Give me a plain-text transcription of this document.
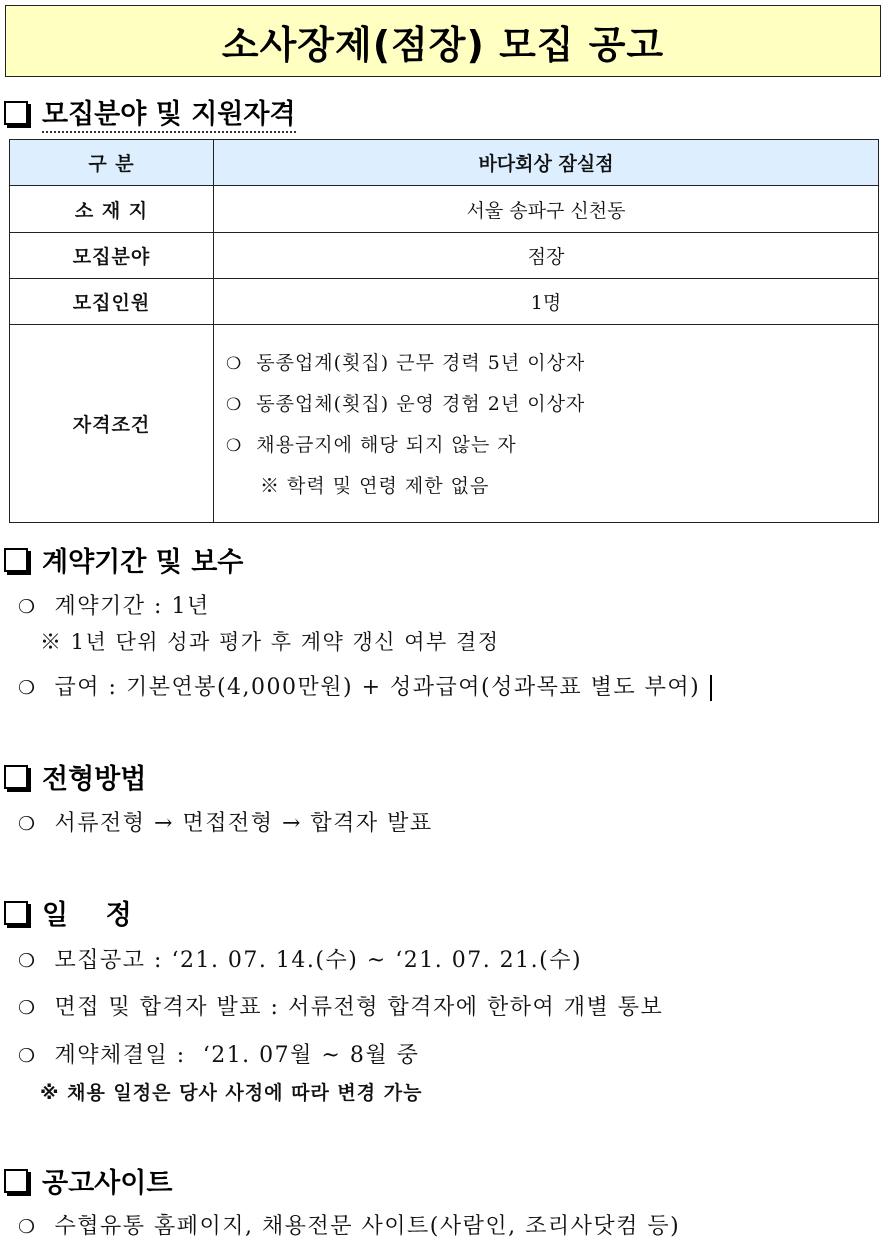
소사장제(점장) 모집 공고
모집분야 및 지원자격
구 분	바다회상 잠실점
소 재 지	서울 송파구 신천동
모집분야	점장
모집인원	1명
자격조건	❍ 동종업계(횟집) 근무 경력 5년 이상자
❍ 동종업체(횟집) 운영 경험 2년 이상자
❍ 채용금지에 해당 되지 않는 자
※ 학력 및 연령 제한 없음
계약기간 및 보수
❍ 계약기간 : 1년
※ 1년 단위 성과 평가 후 계약 갱신 여부 결정
❍ 급여 : 기본연봉(4,000만원) + 성과급여(성과목표 별도 부여)
전형방법
❍ 서류전형 → 면접전형 → 합격자 발표
일    정
❍ 모집공고 : ‘21. 07. 14.(수) ~ ‘21. 07. 21.(수)
❍ 면접 및 합격자 발표 : 서류전형 합격자에 한하여 개별 통보
❍ 계약체결일 :  ‘21. 07월 ~ 8월 중
※ 채용 일정은 당사 사정에 따라 변경 가능
공고사이트
❍ 수협유통 홈페이지, 채용전문 사이트(사람인, 조리사닷컴 등)
